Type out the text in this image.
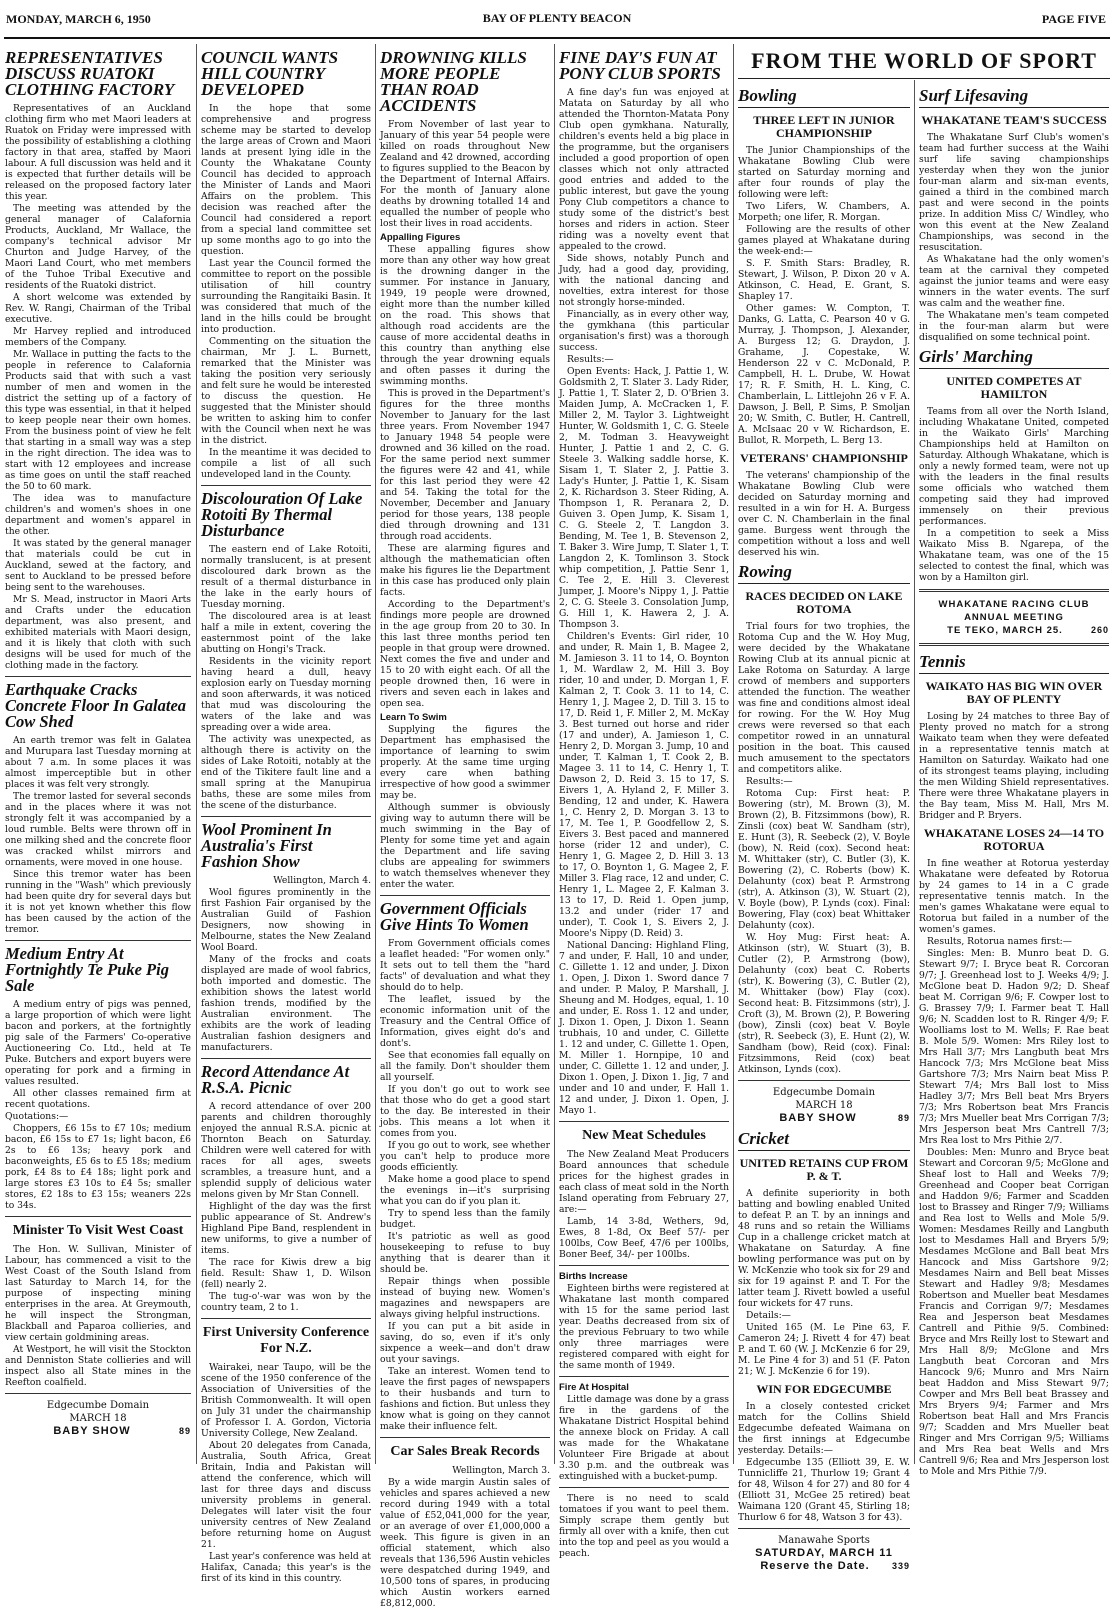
MONDAY, MARCH 6, 1950	BAY OF PLENTY BEACON	PAGE FIVE
REPRESENTATIVES DISCUSS RUATOKI CLOTHING FACTORY

Representatives of an Auckland clothing firm who met Maori leaders at Ruatok on Friday were impressed with the possibility of establishing a clothing factory in that area, staffed by Maori labour. A full discussion was held and it is expected that further details will be released on the proposed factory later this year.

The meeting was attended by the general manager of Calafornia Products, Auckland, Mr Wallace, the company's technical advisor Mr Churton and Judge Harvey, of the Maori Land Court, who met members of the Tuhoe Tribal Executive and residents of the Ruatoki district.

A short welcome was extended by Rev. W. Rangi, Chairman of the Tribal executive.

Mr Harvey replied and introduced members of the Company.

Mr. Wallace in putting the facts to the people in reference to Calafornia Products said that with such a vast number of men and women in the district the setting up of a factory of this type was essential, in that it helped to keep people near their own homes. From the business point of view he felt that starting in a small way was a step in the right direction. The idea was to start with 12 employees and increase as time goes on until the staff reached the 50 to 60 mark.

The idea was to manufacture children's and women's shoes in one department and women's apparel in the other.

It was stated by the general manager that materials could be cut in Auckland, sewed at the factory, and sent to Auckland to be pressed before being sent to the warehouses.

Mr S. Mead, instructor in Maori Arts and Crafts under the education department, was also present, and exhibited materials with Maori design, and it is likely that cloth with such designs will be used for much of the clothing made in the factory.

Earthquake Cracks Concrete Floor In Galatea Cow Shed

An earth tremor was felt in Galatea and Murupara last Tuesday morning at about 7 a.m. In some places it was almost imperceptible but in other places it was felt very strongly.

The tremor lasted for several seconds and in the places where it was not strongly felt it was accompanied by a loud rumble. Belts were thrown off in one milking shed and the concrete floor was cracked whilst mirrors and ornaments, were moved in one house.

Since this tremor water has been running in the "Wash" which previously had been quite dry for several days but it is not yet known whether this flow has been caused by the action of the tremor.

Medium Entry At Fortnightly Te Puke Pig Sale

A medium entry of pigs was penned, a large proportion of which were light bacon and porkers, at the fortnightly pig sale of the Farmers' Co-operative Auctioneering Co. Ltd., held at Te Puke. Butchers and export buyers were operating for pork and a firming in values resulted.

All other classes remained firm at recent quotations.

Quotations:—

Choppers, £6 15s to £7 10s; medium bacon, £6 15s to £7 1s; light bacon, £6 2s to £6 13s; heavy pork and baconweights, £5 6s to £5 18s; medium pork, £4 8s to £4 18s; light pork and large stores £3 10s to £4 5s; smaller stores, £2 18s to £3 15s; weaners 22s to 34s.

Minister To Visit West Coast

The Hon. W. Sullivan, Minister of Labour, has commenced a visit to the West Coast of the South Island from last Saturday to March 14, for the purpose of inspecting mining enterprises in the area. At Greymouth, he will inspect the Strongman, Blackball and Paparoa collieries, and view certain goldmining areas.

At Westport, he will visit the Stockton and Denniston State collieries and will inspect also all State mines in the Reefton coalfield.

Edgecumbe Domain
MARCH 18
BABY SHOW	89
COUNCIL WANTS HILL COUNTRY DEVELOPED

In the hope that some comprehensive and progress scheme may be started to develop the large areas of Crown and Maori lands at present lying idle in the County the Whakatane County Council has decided to approach the Minister of Lands and Maori Affairs on the problem. This decision was reached after the Council had considered a report from a special land committee set up some months ago to go into the question.

Last year the Council formed the committee to report on the possible utilisation of hill country surrounding the Rangitaiki Basin. It was considered that much of the land in the hills could be brought into production.

Commenting on the situation the chairman, Mr J. L. Burnett, remarked that the Minister was taking the position very seriously and felt sure he would be interested to discuss the question. He suggested that the Minister should be written to asking him to confer with the Council when next he was in the district.

In the meantime it was decided to compile a list of all such undeveloped land in the County.

Discolouration Of Lake Rotoiti By Thermal Disturbance

The eastern end of Lake Rotoiti, normally translucent, is at present discoloured dark brown as the result of a thermal disturbance in the lake in the early hours of Tuesday morning.

The discoloured area is at least half a mile in extent, covering the easternmost point of the lake abutting on Hongi's Track.

Residents in the vicinity report having heard a dull, heavy explosion early on Tuesday morning and soon afterwards, it was noticed that mud was discolouring the waters of the lake and was spreading over a wide area.

The activity was unexpected, as although there is activity on the sides of Lake Rotoiti, notably at the end of the Tikitere fault line and a small spring at the Manupirua baths, these are some miles from the scene of the disturbance.

Wool Prominent In Australia's First Fashion Show

Wellington, March 4.

Wool figures prominently in the first Fashion Fair organised by the Australian Guild of Fashion Designers, now showing in Melbourne, states the New Zealand Wool Board.

Many of the frocks and coats displayed are made of wool fabrics, both imported and domestic. The exhibition shows the latest world fashion trends, modified by the Australian environment. The exhibits are the work of leading Australian fashion designers and manufacturers.

Record Attendance At R.S.A. Picnic

A record attendance of over 200 parents and children thoroughly enjoyed the annual R.S.A. picnic at Thornton Beach on Saturday. Children were well catered for with races for all ages, sweets scrambles, a treasure hunt, and a splendid supply of delicious water melons given by Mr Stan Connell.

Highlight of the day was the first public appearance of St. Andrew's Highland Pipe Band, resplendent in new uniforms, to give a number of items.

The race for Kiwis drew a big field. Result: Shaw 1, D. Wilson (fell) nearly 2.

The tug-o'-war was won by the country team, 2 to 1.

First University Conference For N.Z.

Wairakei, near Taupo, will be the scene of the 1950 conference of the Association of Universities of the British Commonwealth. It will open on July 31 under the chairmanship of Professor I. A. Gordon, Victoria University College, New Zealand.

About 20 delegates from Canada, Australia, South Africa, Great Britain, India and Pakistan will attend the conference, which will last for three days and discuss university problems in general. Delegates will later visit the four university centres of New Zealand before returning home on August 21.

Last year's conference was held at Halifax, Canada; this year's is the first of its kind in this country.

DROWNING KILLS MORE PEOPLE THAN ROAD ACCIDENTS

From November of last year to January of this year 54 people were killed on roads throughout New Zealand and 42 drowned, according to figures supplied to the Beacon by the Department of Internal Affairs. For the month of January alone deaths by drowning totalled 14 and equalled the number of people who lost their lives in road accidents.

Appalling Figures

These appalling figures show more than any other way how great is the drowning danger in the summer. For instance in January, 1949, 19 people were drowned, eight more than the number killed on the road. This shows that although road accidents are the cause of more accidental deaths in this country than anything else through the year drowning equals and often passes it during the swimming months.

This is proved in the Department's figures for the three months November to January for the last three years. From November 1947 to January 1948 54 people were drowned and 36 killed on the road. For the same period next summer the figures were 42 and 41, while for this last period they were 42 and 54. Taking the total for the November, December and January period for those years, 138 people died through drowning and 131 through road accidents.

These are alarming figures and although the mathematician often make his figures lie the Department in this case has produced only plain facts.

According to the Department's findings more people are drowned in the age group from 20 to 30. In this last three months period ten people in that group were drowned. Next comes the five and under and 15 to 20 with eight each. Of all the people drowned then, 16 were in rivers and seven each in lakes and open sea.

Learn To Swim

Supplying the figures the Department has emphasised the importance of learning to swim properly. At the same time urging every care when bathing irrespective of how good a swimmer may be.

Although summer is obviously giving way to autumn there will be much swimming in the Bay of Plenty for some time yet and again the Department and life saving clubs are appealing for swimmers to watch themselves whenever they enter the water.

Government Officials Give Hints To Women

From Government officials comes a leaflet headed: "For women only." It sets out to tell them the "hard facts" of devaluation and what they should do to help.

The leaflet, issued by the economic information unit of the Treasury and the Central Office of Information, gives eight do's and dont's.

See that economies fall equally on all the family. Don't shoulder them all yourself.

If you don't go out to work see that those who do get a good start to the day. Be interested in their jobs. This means a lot when it comes from you.

If you go out to work, see whether you can't help to produce more goods efficiently.

Make home a good place to spend the evenings in—it's surprising what you can do if you plan it.

Try to spend less than the family budget.

It's patriotic as well as good housekeeping to refuse to buy anything that is dearer than it should be.

Repair things when possible instead of buying new. Women's magazines and newspapers are always giving helpful instructions.

If you can put a bit aside in saving, do so, even if it's only sixpence a week—and don't draw out your savings.

Take an interest. Women tend to leave the first pages of newspapers to their husbands and turn to fashions and fiction. But unless they know what is going on they cannot make their influence felt.

Car Sales Break Records

Wellington, March 3.

By a wide margin Austin sales of vehicles and spares achieved a new record during 1949 with a total value of £52,041,000 for the year, or an average of over £1,000,000 a week. This figure is given in an official statement, which also reveals that 136,596 Austin vehicles were despatched during 1949, and 10,500 tons of spares, in producing which Austin workers earned £8,812,000.

FINE DAY'S FUN AT PONY CLUB SPORTS

A fine day's fun was enjoyed at Matata on Saturday by all who attended the Thornton-Matata Pony Club open gymkhana. Naturally, children's events held a big place in the programme, but the organisers included a good proportion of open classes which not only attracted good entries and added to the public interest, but gave the young Pony Club competitors a chance to study some of the district's best horses and riders in action. Steer riding was a novelty event that appealed to the crowd.

Side shows, notably Punch and Judy, had a good day, providing, with the national dancing and novelties, extra interest for those not strongly horse-minded.

Financially, as in every other way, the gymkhana (this particular organisation's first) was a thorough success.

Results:—

Open Events: Hack, J. Pattie 1, W. Goldsmith 2, T. Slater 3. Lady Rider, J. Pattie 1, T. Slater 2, D. O'Brien 3. Maiden Jump, A. McCracken 1, F. Miller 2, M. Taylor 3. Lightweight Hunter, W. Goldsmith 1, C. G. Steele 2, M. Todman 3. Heavyweight Hunter, J. Pattie 1 and 2, C. G. Steele 3. Walking saddle horse, K. Sisam 1, T. Slater 2, J. Pattie 3. Lady's Hunter, J. Pattie 1, K. Sisam 2, K. Richardson 3. Steer Riding, A. Thompson 1, R. Peranara 2, D. Guiven 3. Open Jump, K. Sisam 1, C. G. Steele 2, T. Langdon 3. Bending, M. Tee 1, B. Stevenson 2, T. Baker 3. Wire Jump, T. Slater 1, T. Langdon 2, K. Tomlinson 3. Stock whip competition, J. Pattie Senr 1, C. Tee 2, E. Hill 3. Cleverest Jumper, J. Moore's Nippy 1, J. Pattie 2, C. G. Steele 3. Consolation Jump, G. Hill 1, K. Hawera 2, J. A. Thompson 3.

Children's Events: Girl rider, 10 and under, R. Main 1, B. Magee 2, M. Jamieson 3. 11 to 14, O. Boynton 1, M. Wardlaw 2, M. Hill 3. Boy rider, 10 and under, D. Morgan 1, F. Kalman 2, T. Cook 3. 11 to 14, C. Henry 1, J. Magee 2, D. Till 3. 15 to 17, D. Reid 1, F. Miller 2, M. McKay 3. Best turned out horse and rider (17 and under), A. Jamieson 1, C. Henry 2, D. Morgan 3. Jump, 10 and under, T. Kalman 1, T. Cook 2, B. Magee 3. 11 to 14, C. Henry 1, T. Dawson 2, D. Reid 3. 15 to 17, S. Eivers 1, A. Hyland 2, F. Miller 3. Bending, 12 and under, K. Hawera 1, C. Henry 2, D. Morgan 3. 13 to 17, M. Tee 1, P. Goodfellow 2, S. Eivers 3. Best paced and mannered horse (rider 12 and under), C. Henry 1, G. Magee 2, D. Hill 3. 13 to 17, O. Boynton 1, G. Magee 2, F. Miller 3. Flag race, 12 and under, C. Henry 1, L. Magee 2, F. Kalman 3. 13 to 17, D. Reid 1. Open jump, 13.2 and under (rider 17 and under), T. Cook 1, S. Eivers 2, J. Moore's Nippy (D. Reid) 3.

National Dancing: Highland Fling, 7 and under, F. Hall, 10 and under, C. Gillette 1. 12 and under, J. Dixon 1. Open, J. Dixon 1. Sword dance 7 and under. P. Maloy, P. Marshall, J. Sheung and M. Hodges, equal, 1. 10 and under, E. Ross 1. 12 and under, J. Dixon 1. Open, J. Dixon 1. Seann trubhais, 10 and under, C. Gillette 1. 12 and under, C. Gillette 1. Open, M. Miller 1. Hornpipe, 10 and under, C. Gillette 1. 12 and under, J. Dixon 1. Open, J. Dixon 1. Jig, 7 and under and 10 and under, F. Hall 1. 12 and under, J. Dixon 1. Open, J. Mayo 1.

New Meat Schedules

The New Zealand Meat Producers Board announces that schedule prices for the highest grades in each class of meat sold in the North Island operating from February 27, are:—

Lamb, 14 3-8d, Wethers, 9d, Ewes, 8 1-8d, Ox Beef 57/- per 100lbs, Cow Beef, 47/6 per 100lbs, Boner Beef, 34/- per 100lbs.

Births Increase

Eighteen births were registered at Whakatane last month compared with 15 for the same period last year. Deaths decreased from six of the previous February to two while only three marriages were registered compared with eight for the same month of 1949.

Fire At Hospital

Little damage was done by a grass fire in the gardens of the Whakatane District Hospital behind the annexe block on Friday. A call was made for the Whakatane Volunteer Fire Brigade at about 3.30 p.m. and the outbreak was extinguished with a bucket-pump.

There is no need to scald tomatoes if you want to peel them. Simply scrape them gently but firmly all over with a knife, then cut into the top and peel as you would a peach.

FROM THE WORLD OF SPORT
Bowling
THREE LEFT IN JUNIOR CHAMPIONSHIP

The Junior Championships of the Whakatane Bowling Club were started on Saturday morning and after four rounds of play the following were left:

Two Lifers, W. Chambers, A. Morpeth; one lifer, R. Morgan.

Following are the results of other games played at Whakatane during the week-end:—

S. F. Smith Stars: Bradley, R. Stewart, J. Wilson, P. Dixon 20 v A. Atkinson, C. Head, E. Grant, S. Shapley 17.

Other games: W. Compton, T. Danks, G. Latta, C. Pearson 40 v G. Murray, J. Thompson, J. Alexander, A. Burgess 12; G. Draydon, J. Grahame, J. Copestake, W. Henderson 22 v C. McDonald, P. Campbell, H. L. Drube, W. Howat 17; R. F. Smith, H. L. King, C. Chamberlain, L. Littlejohn 26 v F. A. Dawson, J. Bell, P. Sims, P. Smoljan 20; W. Smith, C. Butler, H. Cantrell, A. McIsaac 20 v W. Richardson, E. Bullot, R. Morpeth, L. Berg 13.

VETERANS' CHAMPIONSHIP

The veterans' championship of the Whakatane Bowling Club were decided on Saturday morning and resulted in a win for H. A. Burgess over C. N. Chamberlain in the final game. Burgess went through the competition without a loss and well deserved his win.

Rowing
RACES DECIDED ON LAKE ROTOMA

Trial fours for two trophies, the Rotoma Cup and the W. Hoy Mug, were decided by the Whakatane Rowing Club at its annual picnic at Lake Rotoma on Saturday. A large crowd of members and supporters attended the function. The weather was fine and conditions almost ideal for rowing. For the W. Hoy Mug crews were reversed so that each competitor rowed in an unnatural position in the boat. This caused much amusement to the spectators and competitors alike.

Results:—

Rotoma Cup: First heat: P. Bowering (str), M. Brown (3), M. Brown (2), B. Fitzsimmons (bow), R. Zinsli (cox) beat W. Sandham (str), E. Hunt (3), R. Seebeck (2), V. Boyle (bow), N. Reid (cox). Second heat: M. Whittaker (str), C. Butler (3), K. Bowering (2), C. Roberts (bow) K. Delahunty (cox) beat P. Armstrong (str), A. Atkinson (3), W. Stuart (2), V. Boyle (bow), P. Lynds (cox). Final: Bowering, Flay (cox) beat Whittaker Delahunty (cox).

W. Hoy Mug: First heat: A. Atkinson (str), W. Stuart (3), B. Cutler (2), P. Armstrong (bow), Delahunty (cox) beat C. Roberts (str), K. Bowering (3), C. Butler (2), M. Whittaker (bow) Flay (cox). Second heat: B. Fitzsimmons (str), J. Croft (3), M. Brown (2), P. Bowering (bow), Zinsli (cox) beat V. Boyle (str), R. Seebeck (3), E. Hunt (2), W. Sandham (bow), Reid (cox). Final: Fitzsimmons, Reid (cox) beat Atkinson, Lynds (cox).

Edgecumbe Domain
MARCH 18
BABY SHOW	89
Cricket
UNITED RETAINS CUP FROM P. & T.

A definite superiority in both batting and bowling enabled United to defeat P. an T. by an innings and 48 runs and so retain the Williams Cup in a challenge cricket match at Whakatane on Saturday. A fine bowling performance was put on by W. McKenzie who took six for 29 and six for 19 against P. and T. For the latter team J. Rivett bowled a useful four wickets for 47 runs.

Details:—

United 165 (M. Le Pine 63, F. Cameron 24; J. Rivett 4 for 47) beat P. and T. 60 (W. J. McKenzie 6 for 29, M. Le Pine 4 for 3) and 51 (F. Paton 21; W. J. McKenzie 6 for 19).

WIN FOR EDGECUMBE

In a closely contested cricket match for the Collins Shield Edgecumbe defeated Waimana on the first innings at Edgecumbe yesterday. Details:—

Edgecumbe 135 (Elliott 39, E. W. Tunnicliffe 21, Thurlow 19; Grant 4 for 48, Wilson 4 for 27) and 80 for 4 (Elliott 31, McGee 25 retired) beat Waimana 120 (Grant 45, Stirling 18; Thurlow 6 for 48, Watson 3 for 43).

Manawahe Sports
SATURDAY, MARCH 11
Reserve the Date. 339
Surf Lifesaving
WHAKATANE TEAM'S SUCCESS

The Whakatane Surf Club's women's team had further success at the Waihi surf life saving championships yesterday when they won the junior four-man alarm and six-man events, gained a third in the combined march past and were second in the points prize. In addition Miss C/ Windley, who won this event at the New Zealand Championships, was second in the resuscitation.

As Whakatane had the only women's team at the carnival they competed against the junior teams and were easy winners in the water events. The surf was calm and the weather fine.

The Whakatane men's team competed in the four-man alarm but were disqualified on some technical point.

Girls' Marching
UNITED COMPETES AT HAMILTON

Teams from all over the North Island, including Whakatane United, competed in the Waikato Girls' Marching Championships held at Hamilton on Saturday. Although Whakatane, which is only a newly formed team, were not up with the leaders in the final results some officials who watched them competing said they had improved immensely on their previous performances.

In a competition to seek a Miss Waikato Miss B. Ngarepa, of the Whakatane team, was one of the 15 selected to contest the final, which was won by a Hamilton girl.

WHAKATANE RACING CLUB
ANNUAL MEETING
TE TEKO, MARCH 25.	260
Tennis
WAIKATO HAS BIG WIN OVER BAY OF PLENTY

Losing by 24 matches to three Bay of Plenty proved no match for a strong Waikato team when they were defeated in a representative tennis match at Hamilton on Saturday. Waikato had one of its strongest teams playing, including the men Wilding Shield representatives. There were three Whakatane players in the Bay team, Miss M. Hall, Mrs M. Bridger and P. Bryers.

WHAKATANE LOSES 24—14 TO ROTORUA

In fine weather at Rotorua yesterday Whakatane were defeated by Rotorua by 24 games to 14 in a C grade representative tennis match. In the men's games Whakatane were equal to Rotorua but failed in a number of the women's games.

Results, Rotorua names first:—

Singles: Men: B. Munro beat D. G. Stewart 9/7; I. Bryce beat R. Corcoran 9/7; J. Greenhead lost to J. Weeks 4/9; J. McGlone beat D. Hadon 9/2; D. Sheaf beat M. Corrigan 9/6; F. Cowper lost to G. Brassey 7/9; I. Farmer beat T. Hall 9/6; N. Scadden lost to R. Ringer 4/9; F. Woolliams lost to M. Wells; F. Rae beat B. Mole 5/9. Women: Mrs Riley lost to Mrs Hall 3/7; Mrs Langbuth beat Mrs Hancock 7/3; Mrs McGlone beat Miss Gartshore 7/3; Mrs Nairn beat Miss P. Stewart 7/4; Mrs Ball lost to Miss Hadley 3/7; Mrs Bell beat Mrs Bryers 7/3; Mrs Robertson beat Mrs Francis 7/3; Mrs Mueller beat Mrs Corrigan 7/3; Mrs Jesperson beat Mrs Cantrell 7/3; Mrs Rea lost to Mrs Pithie 2/7.

Doubles: Men: Munro and Bryce beat Stewart and Corcoran 9/5; McGlone and Sheaf lost to Hall and Weeks 7/9; Greenhead and Cooper beat Corrigan and Haddon 9/6; Farmer and Scadden lost to Brassey and Ringer 7/9; Williams and Rea lost to Wells and Mole 5/9. Women: Mesdames Reilly and Langbuth lost to Mesdames Hall and Bryers 5/9; Mesdames McGlone and Ball beat Mrs Hancock and Miss Gartshore 9/2; Mesdames Nairn and Bell beat Misses Stewart and Hadley 9/8; Mesdames Robertson and Mueller beat Mesdames Francis and Corrigan 9/7; Mesdames Rea and Jesperson beat Mesdames Cantrell and Pithie 9/5. Combined: Bryce and Mrs Reilly lost to Stewart and Mrs Hall 8/9; McGlone and Mrs Langbuth beat Corcoran and Mrs Hancock 9/6; Munro and Mrs Nairn beat Haddon and Miss Stewart 9/7; Cowper and Mrs Bell beat Brassey and Mrs Bryers 9/4; Farmer and Mrs Robertson beat Hall and Mrs Francis 9/7; Scadden and Mrs Mueller beat Ringer and Mrs Corrigan 9/5; Williams and Mrs Rea beat Wells and Mrs Cantrell 9/6; Rea and Mrs Jesperson lost to Mole and Mrs Pithie 7/9.
